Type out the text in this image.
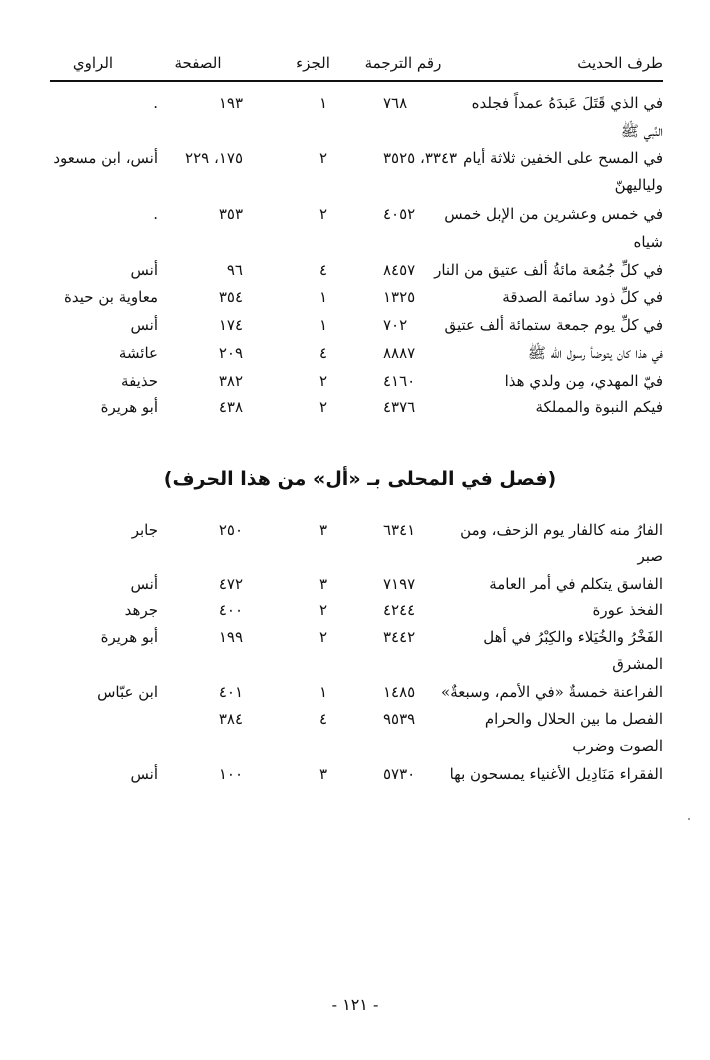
طرف الحديث
رقم الترجمة
الجزء
الصفحة
الراوي
في الذي قَتَلَ عَبدَهُ عمداً فجلده
٧٦٨
١
١٩٣
.
النَّبي ﷺ
في المسح على الخفين ثلاثة أيام
٣٣٤٣، ٣٥٢٥
٢
١٧٥، ٢٢٩
أنس، ابن مسعود
ولياليهنّ
في خمس وعشرين من الإبل خمس
٤٠٥٢
٢
٣٥٣
.
شياه
في كلِّ جُمُعة مائةُ ألف عتيق من النار
٨٤٥٧
٤
٩٦
أنس
في كلِّ ذود سائمة الصدقة
١٣٢٥
١
٣٥٤
معاوية بن حيدة
في كلِّ يوم جمعة ستمائة ألف عتيق
٧٠٢
١
١٧٤
أنس
في هذا كان يتوضأ رسول الله ﷺ
٨٨٨٧
٤
٢٠٩
عائشة
فيّ المهدي، مِن ولدي هذا
٤١٦٠
٢
٣٨٢
حذيفة
فيكم النبوة والمملكة
٤٣٧٦
٢
٤٣٨
أبو هريرة
(فصل في المحلى بـ «أل» من هذا الحرف)
الفارُ منه كالفار يوم الزحف، ومن
٦٣٤١
٣
٢٥٠
جابر
صبر
الفاسق يتكلم في أمر العامة
٧١٩٧
٣
٤٧٢
أنس
الفخذ عورة
٤٢٤٤
٢
٤٠٠
جرهد
الفَخْرُ والخُيَلاء والكِبْرُ في أهل
٣٤٤٢
٢
١٩٩
أبو هريرة
المشرق
الفراعنة خمسةٌ «في الأمم، وسبعةٌ»
١٤٨٥
١
٤٠١
ابن عبّاس
الفصل ما بين الحلال والحرام
٩٥٣٩
٤
٣٨٤
الصوت وضرب
الفقراء مَنَادِيل الأغنياء يمسحون بها
٥٧٣٠
٣
١٠٠
أنس
- ١٢١ -
